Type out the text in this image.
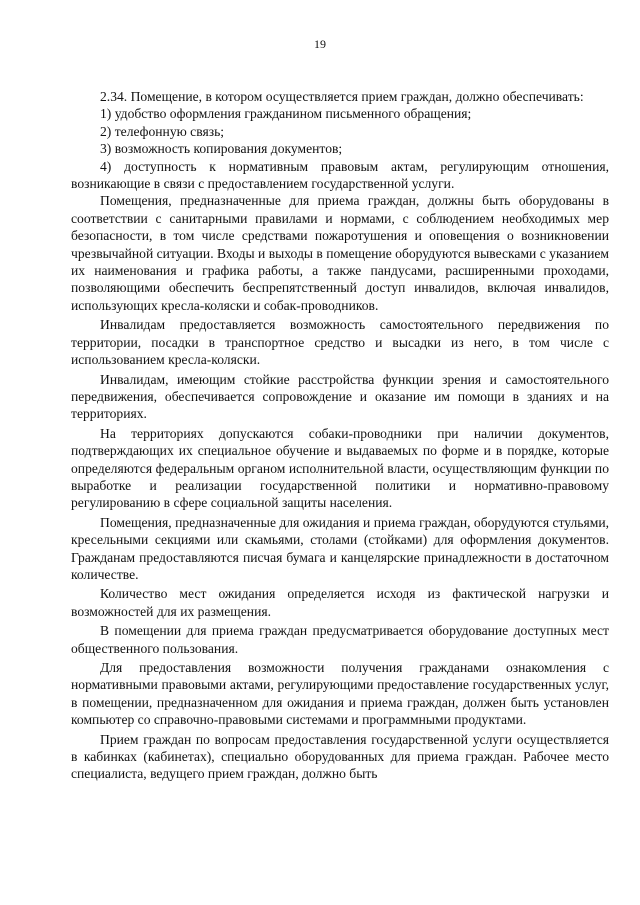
19

2.34. Помещение, в котором осуществляется прием граждан, должно обеспечивать:

1) удобство оформления гражданином письменного обращения;

2) телефонную связь;

3) возможность копирования документов;

4) доступность к нормативным правовым актам, регулирующим отношения, возникающие в связи с предоставлением государственной услуги.

Помещения, предназначенные для приема граждан, должны быть оборудованы в соответствии с санитарными правилами и нормами, с соблюдением необходимых мер безопасности, в том числе средствами пожаротушения и оповещения о возникновении чрезвычайной ситуации. Входы и выходы в помещение оборудуются вывесками с указанием их наименования и графика работы, а также пандусами, расширенными проходами, позволяющими обеспечить беспрепятственный доступ инвалидов, включая инвалидов, использующих кресла-коляски и собак-проводников.

Инвалидам предоставляется возможность самостоятельного передвижения по территории, посадки в транспортное средство и высадки из него, в том числе с использованием кресла-коляски.

Инвалидам, имеющим стойкие расстройства функции зрения и самостоятельного передвижения, обеспечивается сопровождение и оказание им помощи в зданиях и на территориях.

На территориях допускаются собаки-проводники при наличии документов, подтверждающих их специальное обучение и выдаваемых по форме и в порядке, которые определяются федеральным органом исполнительной власти, осуществляющим функции по выработке и реализации государственной политики и нормативно-правовому регулированию в сфере социальной защиты населения.

Помещения, предназначенные для ожидания и приема граждан, оборудуются стульями, кресельными секциями или скамьями, столами (стойками) для оформления документов. Гражданам предоставляются писчая бумага и канцелярские принадлежности в достаточном количестве.

Количество мест ожидания определяется исходя из фактической нагрузки и возможностей для их размещения.

В помещении для приема граждан предусматривается оборудование доступных мест общественного пользования.

Для предоставления возможности получения гражданами ознакомления с нормативными правовыми актами, регулирующими предоставление государственных услуг, в помещении, предназначенном для ожидания и приема граждан, должен быть установлен компьютер со справочно-правовыми системами и программными продуктами.

Прием граждан по вопросам предоставления государственной услуги осуществляется в кабинках (кабинетах), специально оборудованных для приема граждан. Рабочее место специалиста, ведущего прием граждан, должно быть
